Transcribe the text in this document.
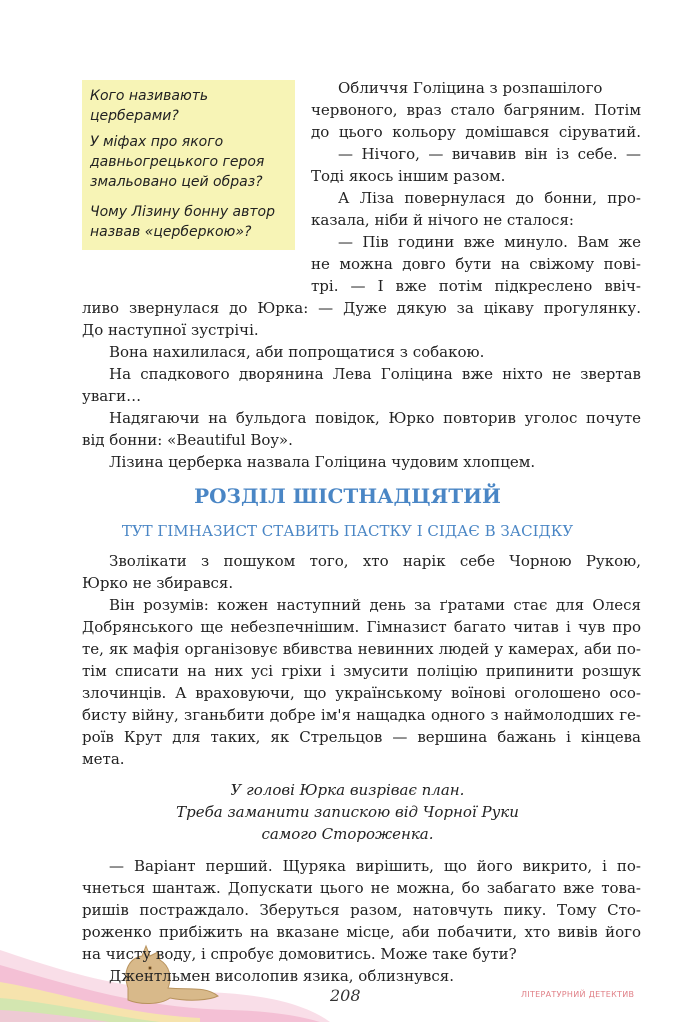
Кого називають
церберами?
У міфах про якого
давньогрецького героя
змальовано цей образ?
Чому Лізину бонну автор
назвав «церберкою»?
Обличчя Голіцина з розпашілого
червоного, враз стало багряним. Потім
до цього кольору домішався сіруватий.
— Нічого, — вичавив він із себе. —
Тоді якось іншим разом.
А Ліза повернулася до бонни, про-
казала, ніби й нічого не сталося:
— Пів години вже минуло. Вам же
не можна довго бути на свіжому пові-
трі. — І вже потім підкреслено ввіч-
ливо звернулася до Юрка: — Дуже дякую за цікаву прогулянку.
До наступної зустрічі.
Вона нахилилася, аби попрощатися з собакою.
На спадкового дворянина Лева Голіцина вже ніхто не звертав
уваги…
Надягаючи на бульдога повідок, Юрко повторив уголос почуте
від бонни: «Beautiful Boy».
Лізина церберка назвала Голіцина чудовим хлопцем.
РОЗДІЛ ШІСТНАДЦЯТИЙ
ТУТ ГІМНАЗИСТ СТАВИТЬ ПАСТКУ І СІДАЄ В ЗАСІДКУ
Зволікати з пошуком того, хто нарік себе Чорною Рукою,
Юрко не збирався.
Він розумів: кожен наступний день за ґратами стає для Олеся
Добрянського ще небезпечнішим. Гімназист багато читав і чув про
те, як мафія організовує вбивства невинних людей у камерах, аби по-
тім списати на них усі гріхи і змусити поліцію припинити розшук
злочинців. А враховуючи, що українському воїнові оголошено осо-
бисту війну, зганьбити добре ім'я нащадка одного з наймолодших ге-
роїв Крут для таких, як Стрельцов — вершина бажань і кінцева
мета.
У голові Юрка визріває план.
Треба заманити запискою від Чорної Руки
самого Стороженка.
— Варіант перший. Щуряка вирішить, що його викрито, і по-
чнеться шантаж. Допускати цього не можна, бо забагато вже това-
ришів постраждало. Зберуться разом, натовчуть пику. Тому Сто-
роженко прибіжить на вказане місце, аби побачити, хто вивів його
на чисту воду, і спробує домовитись. Може таке бути?
Джентльмен висолопив язика, облизнувся.
208	ЛІТЕРАТУРНИЙ ДЕТЕКТИВ
